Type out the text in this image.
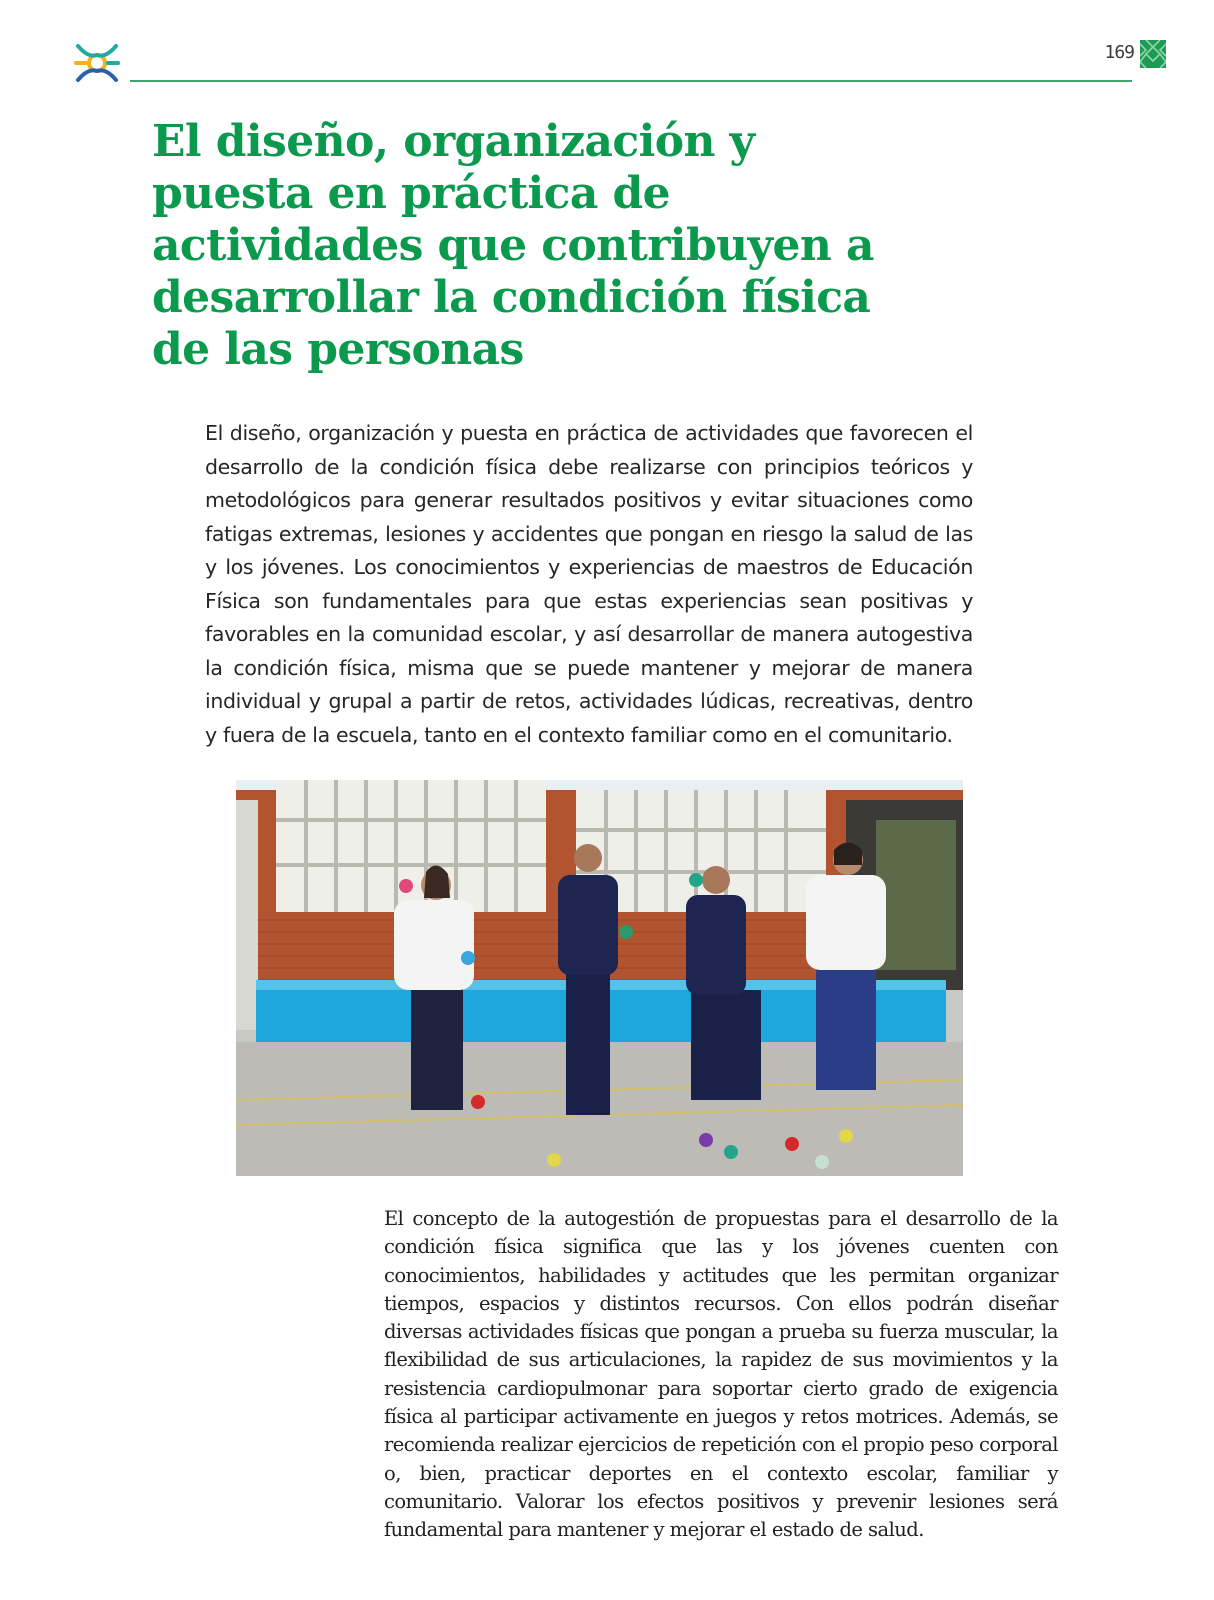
169
El diseño, organización y puesta en práctica de actividades que contribuyen a desarrollar la condición física de las personas

El diseño, organización y puesta en práctica de actividades que favorecen el desarrollo de la condición física debe realizarse con principios teóricos y metodológicos para generar resultados positivos y evitar situaciones como fatigas extremas, lesiones y accidentes que pongan en riesgo la salud de las y los jóvenes. Los conocimientos y experiencias de maestros de Educación Física son fundamentales para que estas experiencias sean positivas y favorables en la comunidad escolar, y así desarrollar de manera autogestiva la condición física, misma que se puede mantener y mejorar de manera individual y grupal a partir de retos, actividades lúdicas, recreativas, dentro y fuera de la escuela, tanto en el contexto familiar como en el comunitario.

El concepto de la autogestión de propuestas para el desarrollo de la condición física significa que las y los jóvenes cuenten con conocimientos, habilidades y actitudes que les permitan organizar tiempos, espacios y distintos recursos. Con ellos podrán diseñar diversas actividades físicas que pongan a prueba su fuerza muscular, la flexibilidad de sus articulaciones, la rapidez de sus movimientos y la resistencia cardiopulmonar para soportar cierto grado de exigencia física al participar activamente en juegos y retos motrices. Además, se recomienda realizar ejercicios de repetición con el propio peso corporal o, bien, practicar deportes en el contexto escolar, familiar y comunitario. Valorar los efectos positivos y prevenir lesiones será fundamental para mantener y mejorar el estado de salud.
